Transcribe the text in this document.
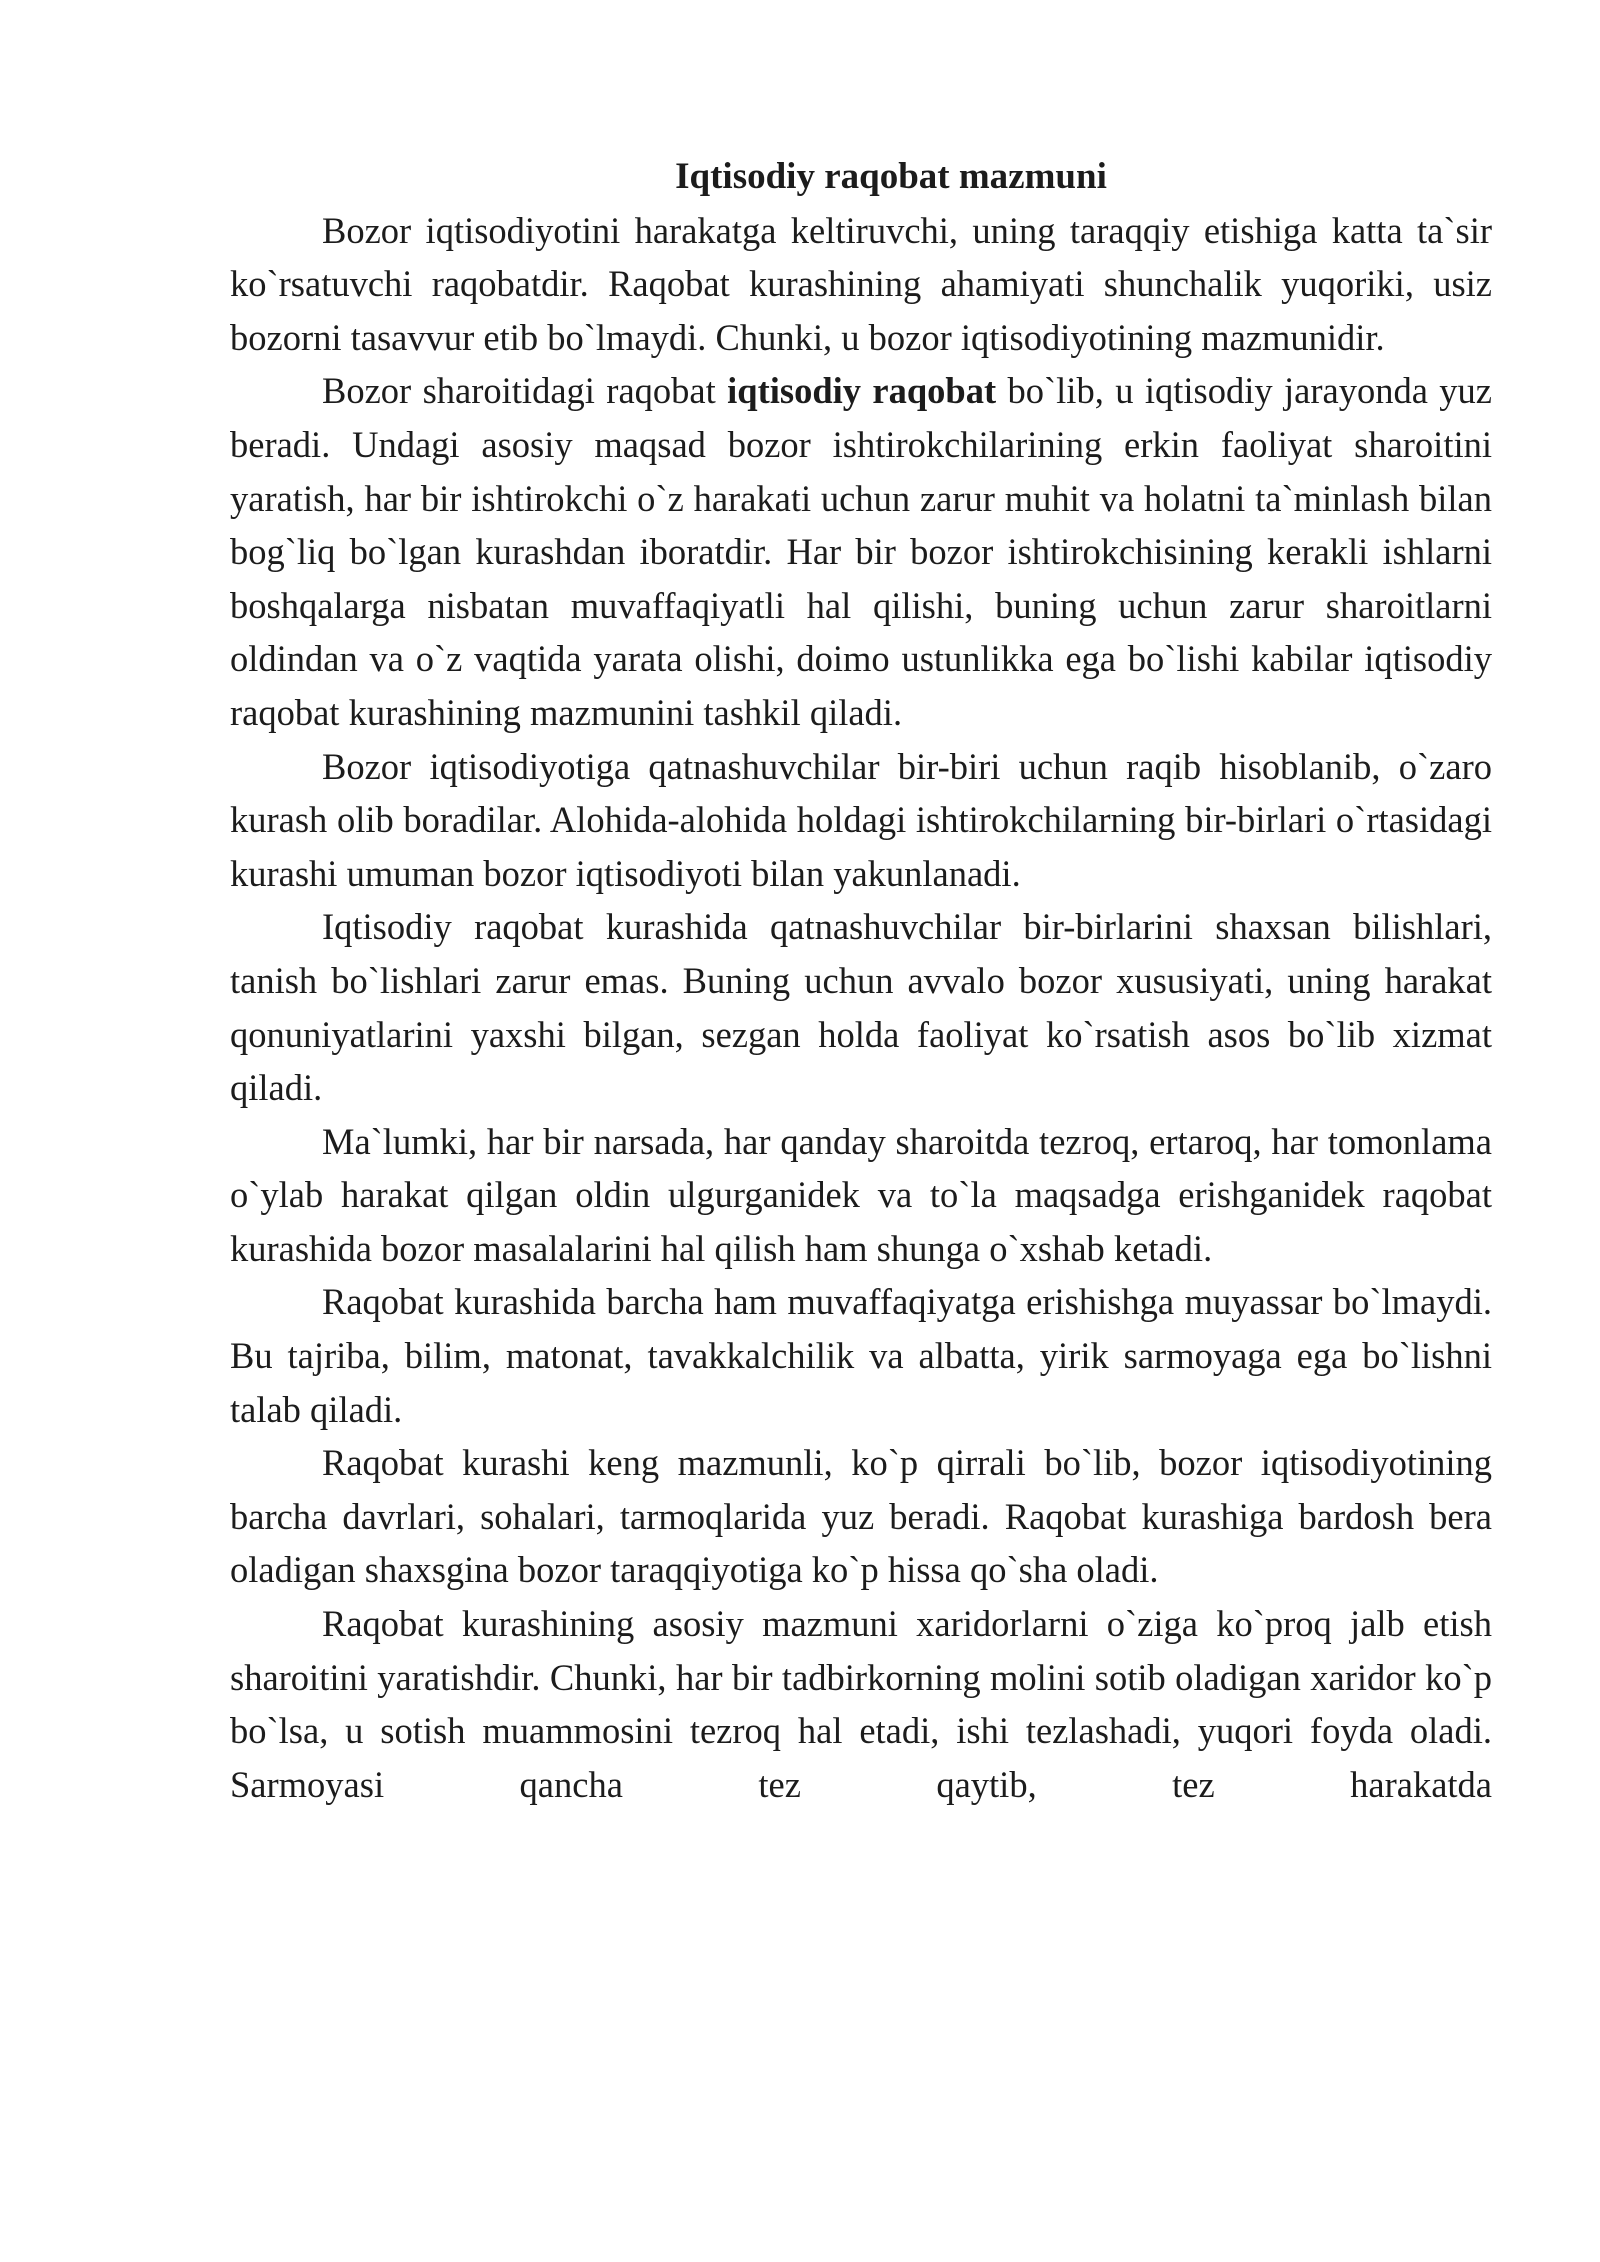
Iqtisodiy raqobat mazmuni

Bozor iqtisodiyotini harakatga keltiruvchi, uning taraqqiy etishiga katta ta`sir ko`rsatuvchi raqobatdir. Raqobat kurashining ahamiyati shunchalik yuqoriki, usiz bozorni tasavvur etib bo`lmaydi. Chunki, u bozor iqtisodiyotining mazmunidir.

Bozor sharoitidagi raqobat iqtisodiy raqobat bo`lib, u iqtisodiy jarayonda yuz beradi. Undagi asosiy maqsad bozor ishtirokchilarining erkin faoliyat sharoitini yaratish, har bir ishtirokchi o`z harakati uchun zarur muhit va holatni ta`minlash bilan bog`liq bo`lgan kurashdan iboratdir. Har bir bozor ishtirokchisining kerakli ishlarni boshqalarga nisbatan muvaffaqiyatli hal qilishi, buning uchun zarur sharoitlarni oldindan va o`z vaqtida yarata olishi, doimo ustunlikka ega bo`lishi kabilar iqtisodiy raqobat kurashining mazmunini tashkil qiladi.

Bozor iqtisodiyotiga qatnashuvchilar bir-biri uchun raqib hisoblanib, o`zaro kurash olib boradilar. Alohida-alohida holdagi ishtirokchilarning bir-birlari o`rtasidagi kurashi umuman bozor iqtisodiyoti bilan yakunlanadi.

Iqtisodiy raqobat kurashida qatnashuvchilar bir-birlarini shaxsan bilishlari, tanish bo`lishlari zarur emas. Buning uchun avvalo bozor xususiyati, uning harakat qonuniyatlarini yaxshi bilgan, sezgan holda faoliyat ko`rsatish asos bo`lib xizmat qiladi.

Ma`lumki, har bir narsada, har qanday sharoitda tezroq, ertaroq, har tomonlama o`ylab harakat qilgan oldin ulgurganidek va to`la maqsadga erishganidek raqobat kurashida bozor masalalarini hal qilish ham shunga o`xshab ketadi.

Raqobat kurashida barcha ham muvaffaqiyatga erishishga muyassar bo`lmaydi. Bu tajriba, bilim, matonat, tavakkalchilik va albatta, yirik sarmoyaga ega bo`lishni talab qiladi.

Raqobat kurashi keng mazmunli, ko`p qirrali bo`lib, bozor iqtisodiyotining barcha davrlari, sohalari, tarmoqlarida yuz beradi. Raqobat kurashiga bardosh bera oladigan shaxsgina bozor taraqqiyotiga ko`p hissa qo`sha oladi.

Raqobat kurashining asosiy mazmuni xaridorlarni o`ziga ko`proq jalb etish sharoitini yaratishdir. Chunki, har bir tadbirkorning molini sotib oladigan xaridor ko`p bo`lsa, u sotish muammosini tezroq hal etadi, ishi tezlashadi, yuqori foyda oladi. Sarmoyasi qancha tez qaytib, tez harakatda
